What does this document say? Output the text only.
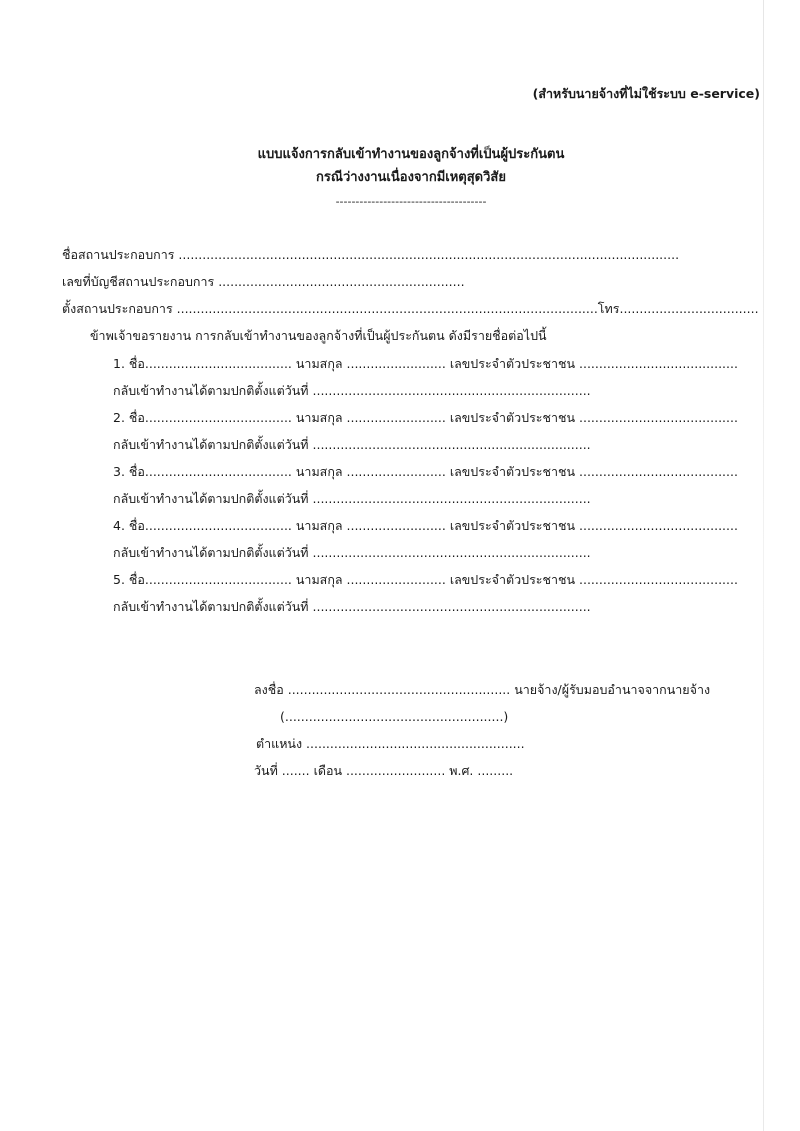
(สำหรับนายจ้างที่ไม่ใช้ระบบ e-service)
แบบแจ้งการกลับเข้าทำงานของลูกจ้างที่เป็นผู้ประกันตน
กรณีว่างงานเนื่องจากมีเหตุสุดวิสัย
--------------------------------------
ชื่อสถานประกอบการ ..............................................................................................................................
เลขที่บัญชีสถานประกอบการ ..............................................................
ตั้งสถานประกอบการ ..........................................................................................................โทร...................................
ข้าพเจ้าขอรายงาน การกลับเข้าทำงานของลูกจ้างที่เป็นผู้ประกันตน ดังมีรายชื่อต่อไปนี้
1. ชื่อ..................................... นามสกุล ......................... เลขประจำตัวประชาชน ........................................
กลับเข้าทำงานได้ตามปกติตั้งแต่วันที่ ......................................................................
2. ชื่อ..................................... นามสกุล ......................... เลขประจำตัวประชาชน ........................................
กลับเข้าทำงานได้ตามปกติตั้งแต่วันที่ ......................................................................
3. ชื่อ..................................... นามสกุล ......................... เลขประจำตัวประชาชน ........................................
กลับเข้าทำงานได้ตามปกติตั้งแต่วันที่ ......................................................................
4. ชื่อ..................................... นามสกุล ......................... เลขประจำตัวประชาชน ........................................
กลับเข้าทำงานได้ตามปกติตั้งแต่วันที่ ......................................................................
5. ชื่อ..................................... นามสกุล ......................... เลขประจำตัวประชาชน ........................................
กลับเข้าทำงานได้ตามปกติตั้งแต่วันที่ ......................................................................
ลงชื่อ ........................................................ นายจ้าง/ผู้รับมอบอำนาจจากนายจ้าง
(.......................................................)
ตำแหน่ง .......................................................
วันที่ ....... เดือน ......................... พ.ศ. .........
